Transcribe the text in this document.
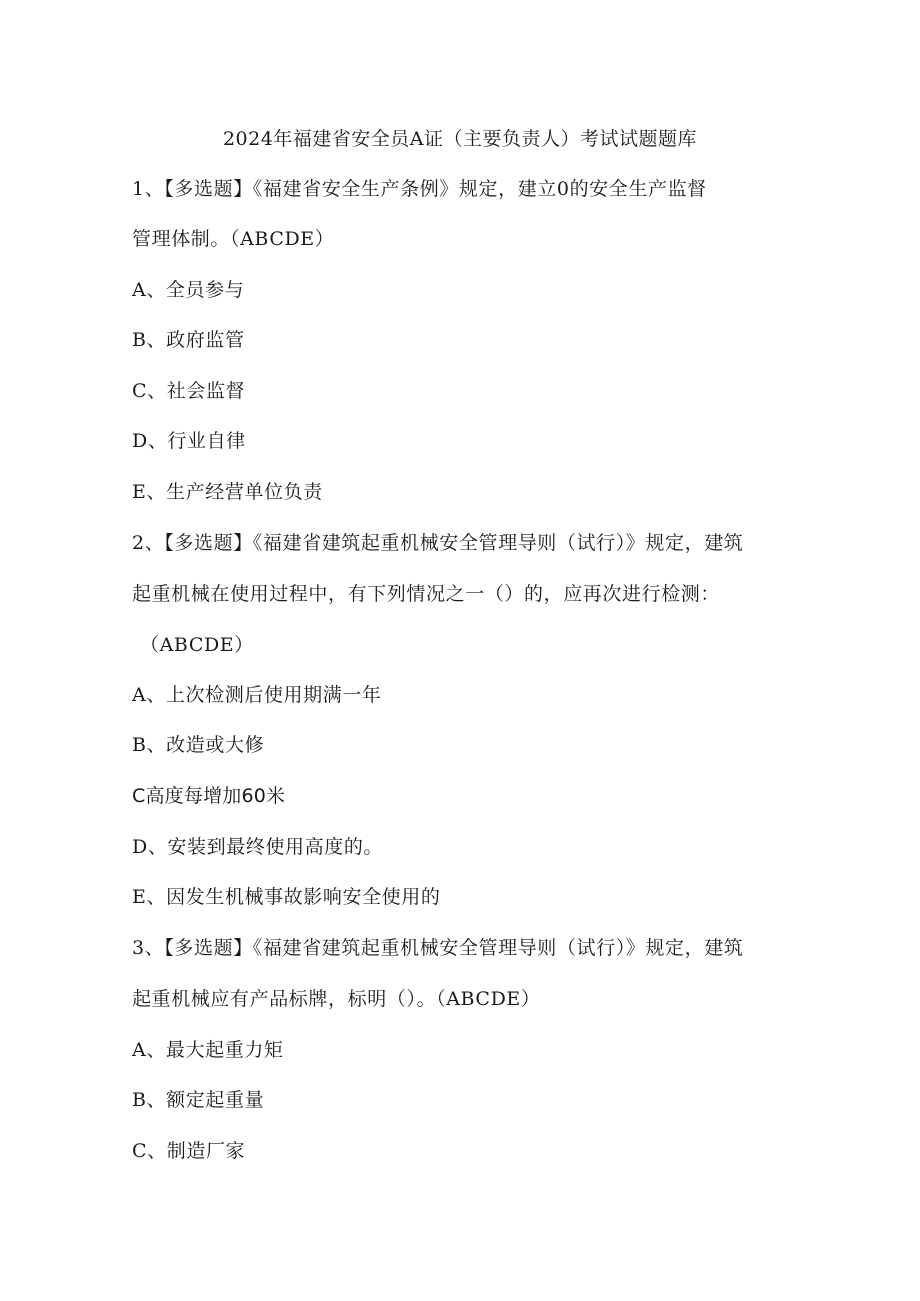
2024年福建省安全员A证（主要负责人）考试试题题库
1、【多选题】《福建省安全生产条例》规定，建立0的安全生产监督
管理体制。（ABCDE）
A、全员参与
B、政府监管
C、社会监督
D、行业自律
E、生产经营单位负责
2、【多选题】《福建省建筑起重机械安全管理导则（试行）》规定，建筑
起重机械在使用过程中，有下列情况之一（）的，应再次进行检测：
（ABCDE）
A、上次检测后使用期满一年
B、改造或大修
C高度每增加60米
D、安装到最终使用高度的。
E、因发生机械事故影响安全使用的
3、【多选题】《福建省建筑起重机械安全管理导则（试行）》规定，建筑
起重机械应有产品标牌，标明（）。（ABCDE）
A、最大起重力矩
B、额定起重量
C、制造厂家
